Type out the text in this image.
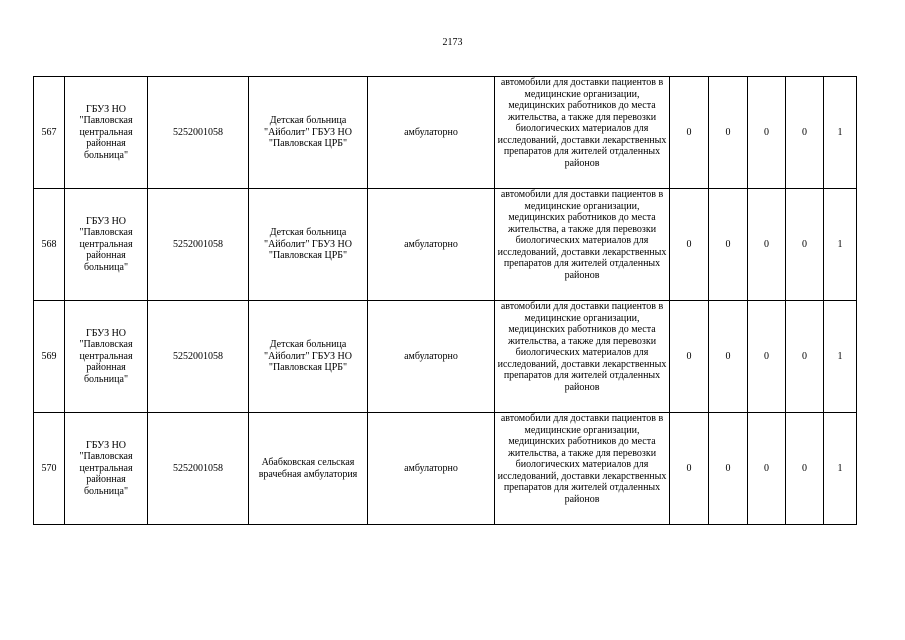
2173
567	ГБУЗ НО "Павловская центральная районная больница"	5252001058	Детская больница "Айболит" ГБУЗ НО "Павловская ЦРБ"	амбулаторно	автомобили для доставки пациентов в медицинские организации, медицинских работников до места жительства, а также для перевозки биологических материалов для исследований, доставки лекарственных препаратов для жителей отдаленных районов	0	0	0	0	1
568	ГБУЗ НО "Павловская центральная районная больница"	5252001058	Детская больница "Айболит" ГБУЗ НО "Павловская ЦРБ"	амбулаторно	автомобили для доставки пациентов в медицинские организации, медицинских работников до места жительства, а также для перевозки биологических материалов для исследований, доставки лекарственных препаратов для жителей отдаленных районов	0	0	0	0	1
569	ГБУЗ НО "Павловская центральная районная больница"	5252001058	Детская больница "Айболит" ГБУЗ НО "Павловская ЦРБ"	амбулаторно	автомобили для доставки пациентов в медицинские организации, медицинских работников до места жительства, а также для перевозки биологических материалов для исследований, доставки лекарственных препаратов для жителей отдаленных районов	0	0	0	0	1
570	ГБУЗ НО "Павловская центральная районная больница"	5252001058	Абабковская сельская врачебная амбулатория	амбулаторно	автомобили для доставки пациентов в медицинские организации, медицинских работников до места жительства, а также для перевозки биологических материалов для исследований, доставки лекарственных препаратов для жителей отдаленных районов	0	0	0	0	1
